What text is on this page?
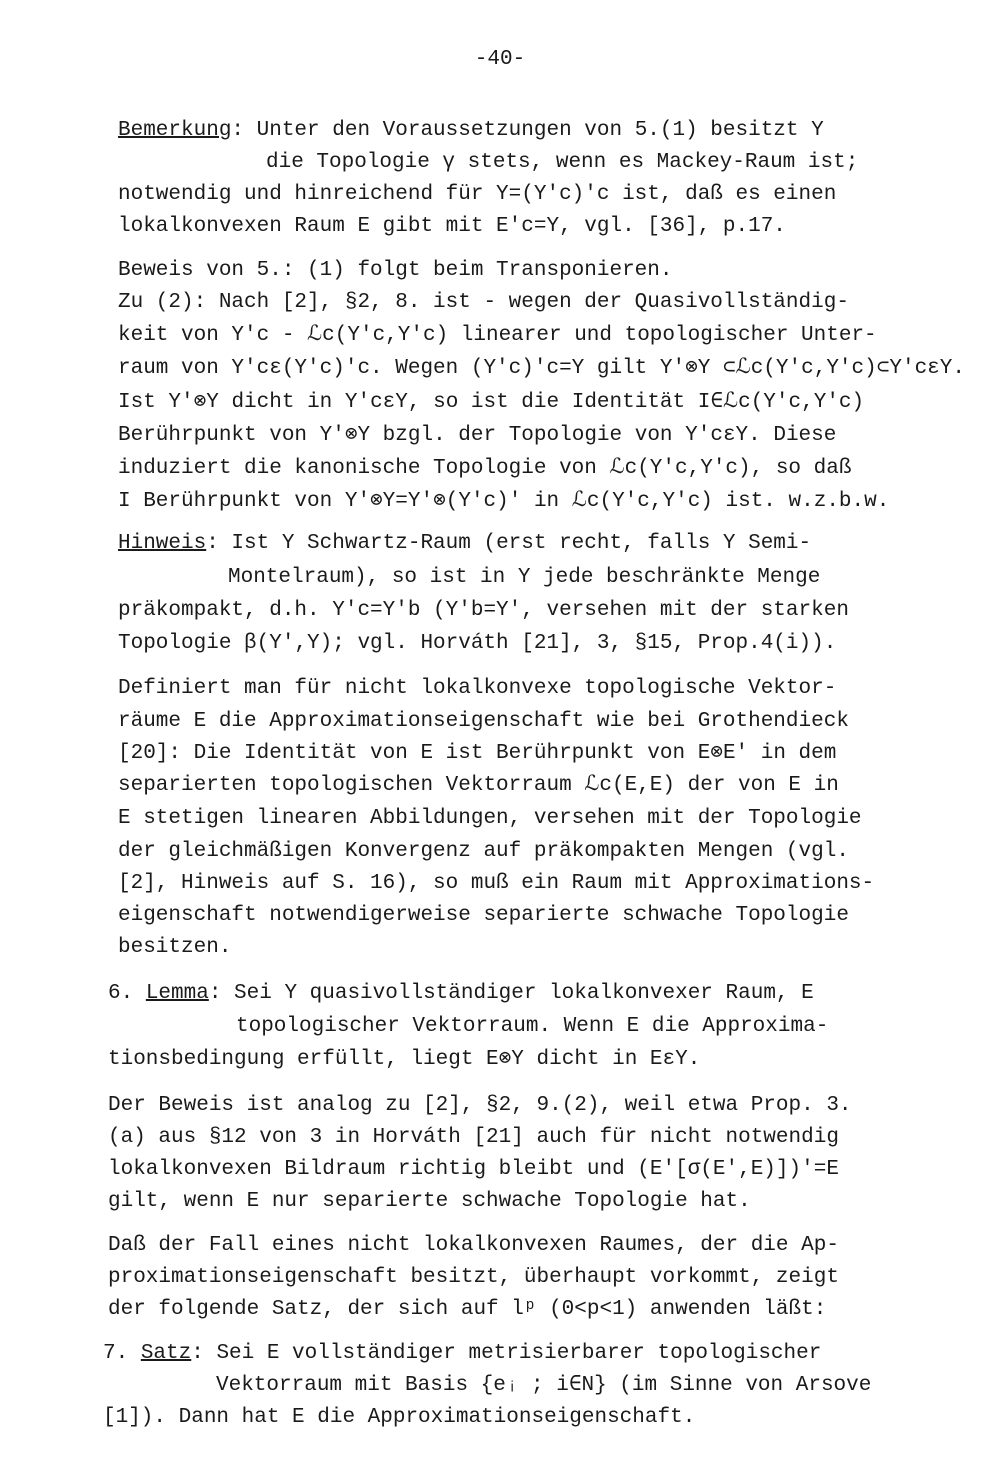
-40-
Bemerkung: Unter den Voraussetzungen von 5.(1) besitzt Y
die Topologie γ stets, wenn es Mackey-Raum ist;
notwendig und hinreichend für Y=(Y'c)'c ist, daß es einen
lokalkonvexen Raum E gibt mit E'c=Y, vgl. [36], p.17.
Beweis von 5.: (1) folgt beim Transponieren.
Zu (2): Nach [2], §2, 8. ist - wegen der Quasivollständig-
keit von Y'c - ℒc(Y'c,Y'c) linearer und topologischer Unter-
raum von Y'cε(Y'c)'c. Wegen (Y'c)'c=Y gilt Y'⊗Y ⊂ℒc(Y'c,Y'c)⊂Y'cεY.
Ist Y'⊗Y dicht in Y'cεY, so ist die Identität I∈ℒc(Y'c,Y'c)
Berührpunkt von Y'⊗Y bzgl. der Topologie von Y'cεY. Diese
induziert die kanonische Topologie von ℒc(Y'c,Y'c), so daß
I Berührpunkt von Y'⊗Y=Y'⊗(Y'c)' in ℒc(Y'c,Y'c) ist. w.z.b.w.
Hinweis: Ist Y Schwartz-Raum (erst recht, falls Y Semi-
Montelraum), so ist in Y jede beschränkte Menge
präkompakt, d.h. Y'c=Y'b (Y'b=Y', versehen mit der starken
Topologie β(Y',Y); vgl. Horváth [21], 3, §15, Prop.4(i)).
Definiert man für nicht lokalkonvexe topologische Vektor-
räume E die Approximationseigenschaft wie bei Grothendieck
[20]: Die Identität von E ist Berührpunkt von E⊗E' in dem
separierten topologischen Vektorraum ℒc(E,E) der von E in
E stetigen linearen Abbildungen, versehen mit der Topologie
der gleichmäßigen Konvergenz auf präkompakten Mengen (vgl.
[2], Hinweis auf S. 16), so muß ein Raum mit Approximations-
eigenschaft notwendigerweise separierte schwache Topologie
besitzen.
6. Lemma: Sei Y quasivollständiger lokalkonvexer Raum, E
topologischer Vektorraum. Wenn E die Approxima-
tionsbedingung erfüllt, liegt E⊗Y dicht in EεY.
Der Beweis ist analog zu [2], §2, 9.(2), weil etwa Prop. 3.
(a) aus §12 von 3 in Horváth [21] auch für nicht notwendig
lokalkonvexen Bildraum richtig bleibt und (E'[σ(E',E)])'=E
gilt, wenn E nur separierte schwache Topologie hat.
Daß der Fall eines nicht lokalkonvexen Raumes, der die Ap-
proximationseigenschaft besitzt, überhaupt vorkommt, zeigt
der folgende Satz, der sich auf lᵖ (0<p<1) anwenden läßt:
7. Satz: Sei E vollständiger metrisierbarer topologischer
Vektorraum mit Basis {eᵢ ; i∈N} (im Sinne von Arsove
[1]). Dann hat E die Approximationseigenschaft.
